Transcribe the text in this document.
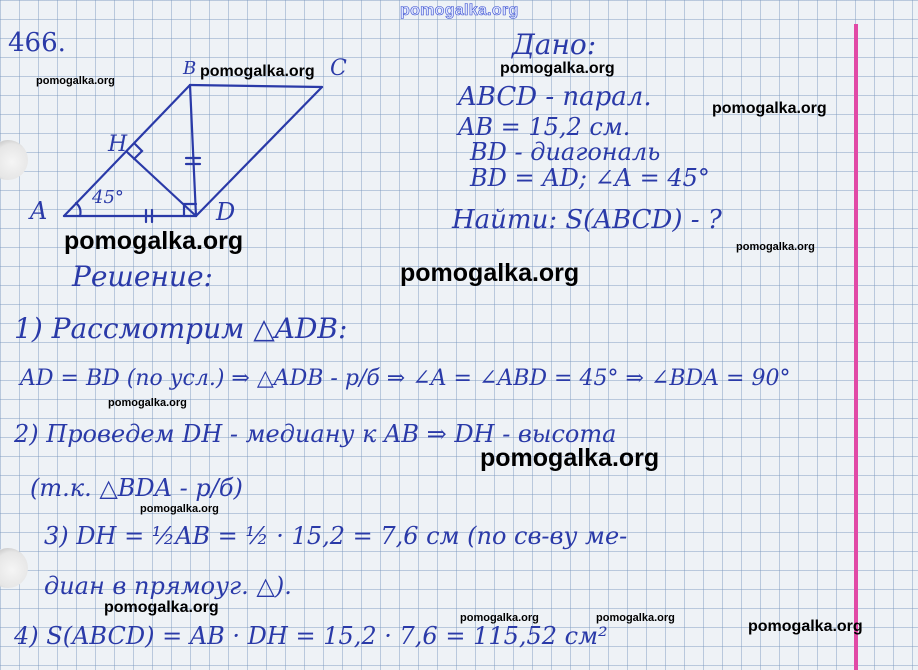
pomogalka.org
466.
A
B	C
D
H
45°
Дано:
ABCD - парал.
AB = 15,2 см.
BD - диагональ
BD = AD; ∠A = 45°
Найти: S(ABCD) - ?
Решение:
1) Рассмотрим △ADB:
AD = BD (по усл.) ⇒ △ADB - р/б ⇒ ∠A = ∠ABD = 45° ⇒ ∠BDA = 90°
2) Проведем DH - медиану к AB ⇒ DH - высота
(т.к. △BDA - р/б)
3) DH = ½AB = ½ · 15,2 = 7,6 см (по св-ву ме-
диан в прямоуг. △).
4) S(ABCD) = AB · DH = 15,2 · 7,6 = 115,52 см²
pomogalka.org
pomogalka.org	pomogalka.org
pomogalka.org
pomogalka.org
pomogalka.org
pomogalka.org
pomogalka.org
pomogalka.org
pomogalka.org
pomogalka.org
pomogalka.org	pomogalka.org	pomogalka.org
